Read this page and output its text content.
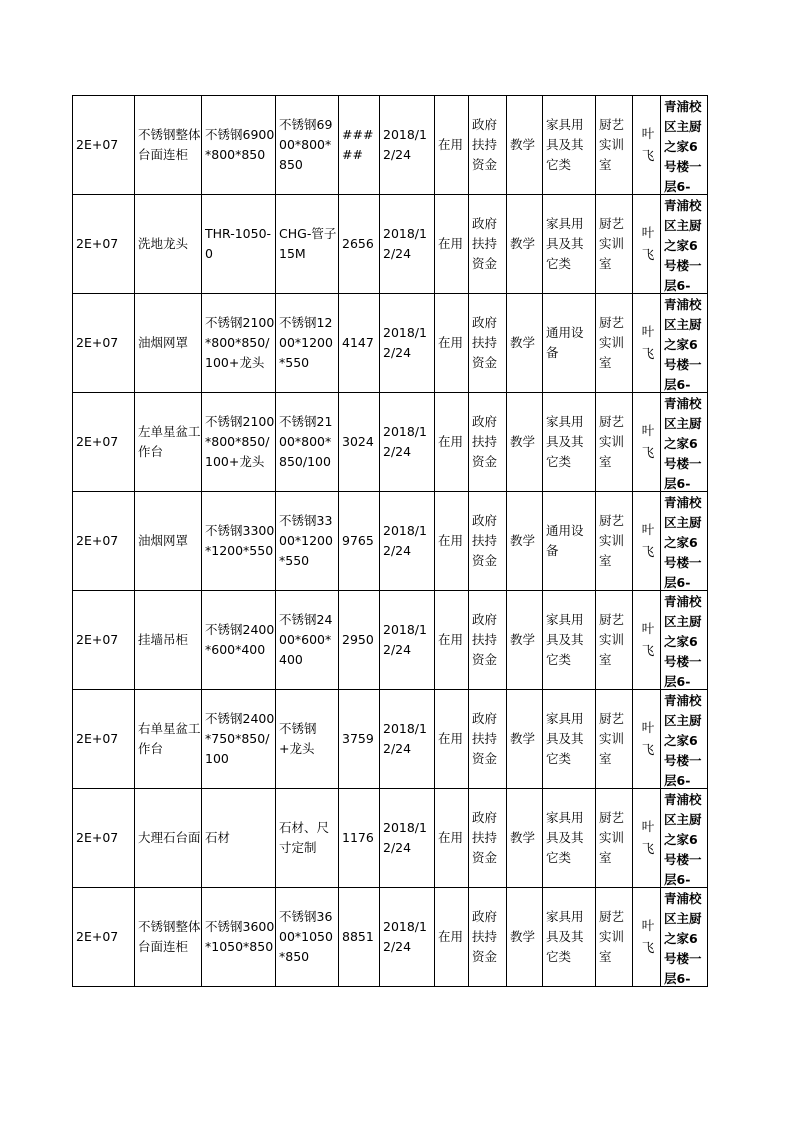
2E+07	不锈钢整体台面连柜	不锈钢6900*800*850	不锈钢6900*800*850	#####	2018/12/24	在用	政府扶持资金	教学	家具用具及其它类	厨艺实训室	叶飞	青浦校区主厨之家6号楼一层6-

2E+07	洗地龙头	THR-1050-0	CHG-管子15M	2656	2018/12/24	在用	政府扶持资金	教学	家具用具及其它类	厨艺实训室	叶飞	青浦校区主厨之家6号楼一层6-

2E+07	油烟网罩	不锈钢2100*800*850/100+龙头	不锈钢1200*1200*550	4147	2018/12/24	在用	政府扶持资金	教学	通用设备	厨艺实训室	叶飞	青浦校区主厨之家6号楼一层6-

2E+07	左单星盆工作台	不锈钢2100*800*850/100+龙头	不锈钢2100*800*850/100	3024	2018/12/24	在用	政府扶持资金	教学	家具用具及其它类	厨艺实训室	叶飞	青浦校区主厨之家6号楼一层6-

2E+07	油烟网罩	不锈钢3300*1200*550	不锈钢3300*1200*550	9765	2018/12/24	在用	政府扶持资金	教学	通用设备	厨艺实训室	叶飞	青浦校区主厨之家6号楼一层6-

2E+07	挂墙吊柜	不锈钢2400*600*400	不锈钢2400*600*400	2950	2018/12/24	在用	政府扶持资金	教学	家具用具及其它类	厨艺实训室	叶飞	青浦校区主厨之家6号楼一层6-

2E+07	右单星盆工作台	不锈钢2400*750*850/100	不锈钢+龙头	3759	2018/12/24	在用	政府扶持资金	教学	家具用具及其它类	厨艺实训室	叶飞	青浦校区主厨之家6号楼一层6-

2E+07	大理石台面	石材	石材、尺寸定制	1176	2018/12/24	在用	政府扶持资金	教学	家具用具及其它类	厨艺实训室	叶飞	青浦校区主厨之家6号楼一层6-

2E+07	不锈钢整体台面连柜	不锈钢3600*1050*850	不锈钢3600*1050*850	8851	2018/12/24	在用	政府扶持资金	教学	家具用具及其它类	厨艺实训室	叶飞	青浦校区主厨之家6号楼一层6-
